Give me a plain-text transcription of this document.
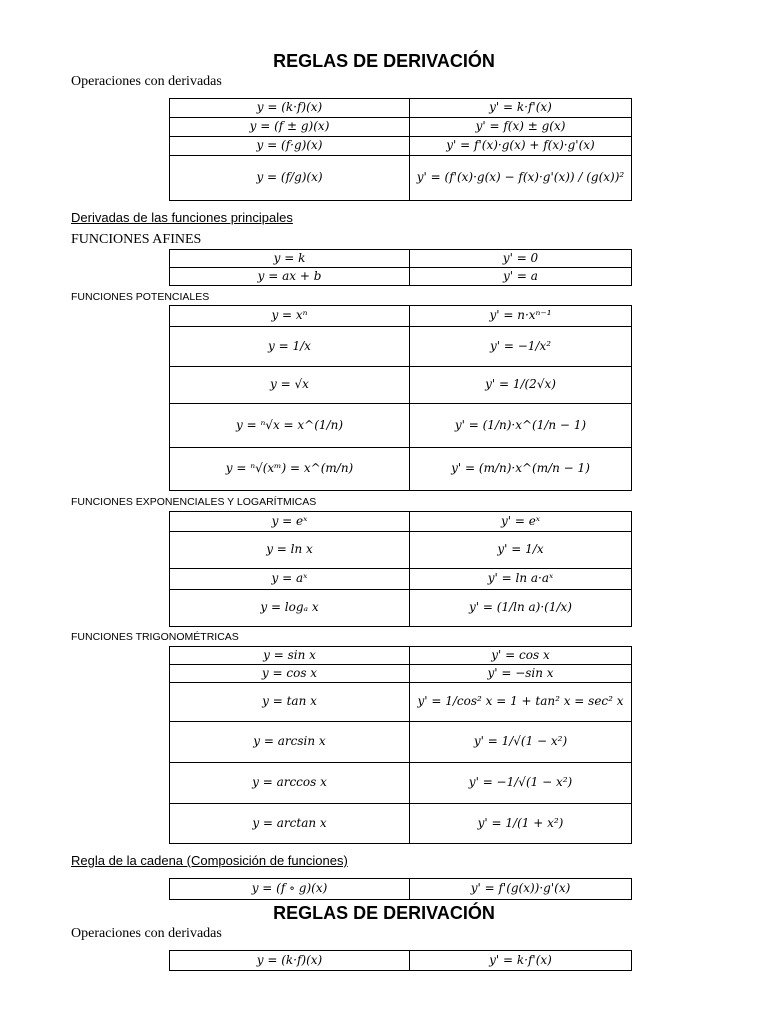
REGLAS DE DERIVACIÓN
Operaciones con derivadas
y = (k·f)(x)	y' = k·f'(x)
y = (f ± g)(x)	y' = f(x) ± g(x)
y = (f·g)(x)	y' = f'(x)·g(x) + f(x)·g'(x)
y = (f/g)(x)	y' = (f'(x)·g(x) − f(x)·g'(x)) / (g(x))²
Derivadas de las funciones principales
FUNCIONES AFINES
y = k	y' = 0
y = ax + b	y' = a
FUNCIONES POTENCIALES
y = xⁿ	y' = n·xⁿ⁻¹
y = 1/x	y' = −1/x²
y = √x	y' = 1/(2√x)
y = ⁿ√x = x^(1/n)	y' = (1/n)·x^(1/n − 1)
y = ⁿ√(xᵐ) = x^(m/n)	y' = (m/n)·x^(m/n − 1)
FUNCIONES EXPONENCIALES Y LOGARÍTMICAS
y = eˣ	y' = eˣ
y = ln x	y' = 1/x
y = aˣ	y' = ln a·aˣ
y = logₐ x	y' = (1/ln a)·(1/x)
FUNCIONES TRIGONOMÉTRICAS
y = sin x	y' = cos x
y = cos x	y' = −sin x
y = tan x	y' = 1/cos² x = 1 + tan² x = sec² x
y = arcsin x	y' = 1/√(1 − x²)
y = arccos x	y' = −1/√(1 − x²)
y = arctan x	y' = 1/(1 + x²)
Regla de la cadena (Composición de funciones)
y = (f ∘ g)(x)	y' = f'(g(x))·g'(x)
REGLAS DE DERIVACIÓN
Operaciones con derivadas
y = (k·f)(x)	y' = k·f'(x)
